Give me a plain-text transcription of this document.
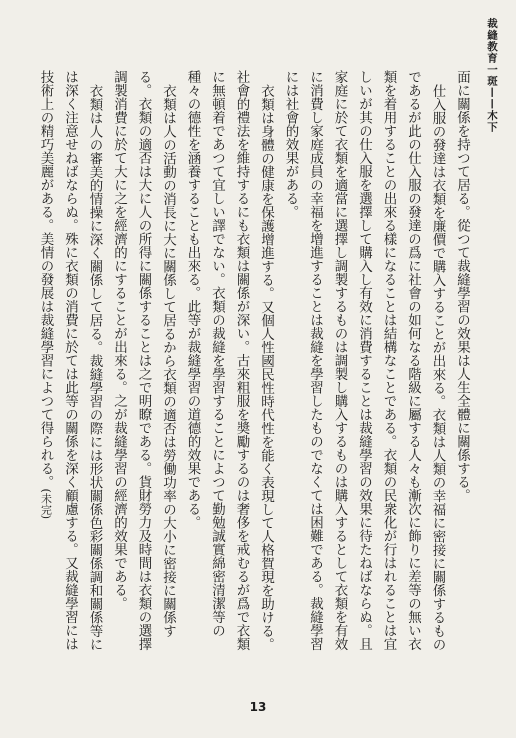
裁縫教育一斑——木下

面に關係を持つて居る。從つて裁縫學習の效果は人生全體に關係する。

仕入服の發達は衣類を廉價で購入することが出來る。衣類は人類の幸福に密接に關係するものであるが此の仕入服の發達の爲に社會の如何なる階級に屬する人々も漸次に飾りに差等の無い衣類を着用することの出來る樣になることは結構なことである。衣類の民衆化が行はれることは宜しいが其の仕入服を選擇して購入し有效に消費することは裁縫學習の效果に待たねばならぬ。且家庭に於て衣類を適當に選擇し調製するものは調製し購入するものは購入するとして衣類を有效に消費し家庭成員の幸福を增進することは裁縫を學習したものでなくては困難である。裁縫學習には社會的效果がある。

衣類は身體の健康を保護增進する。又個人性國民性時代性を能く表現して人格賀現を助ける。社會的禮法を維持するにも衣類は關係が深い。古來粗服を奬勵するのは奢侈を戒むるが爲で衣類に無頓着であつて宜しい譯でない。衣類の裁縫を學習することによつて勤勉誠實綿密清潔等の種々の德性を涵養することも出來る。此等が裁縫學習の道德的效果である。

衣類は人の活動の消長に大に關係して居るから衣類の適否は勞働功率の大小に密接に關係する。衣類の適否は大に人の所得に關係することは之で明瞭である。貨財勞力及時間は衣類の選擇調製消費に於て大に之を經濟的にすることが出來る。之が裁縫學習の經濟的效果である。

衣類は人の審美的情操に深く關係して居る。裁縫學習の際には形状關係色彩關係調和關係等には深く注意せねばならぬ。殊に衣類の消費に於ては此等の關係を深く顧慮する。又裁縫學習には技術上の精巧美麗がある。美情の發展は裁縫學習によつて得られる。(未完)

13
